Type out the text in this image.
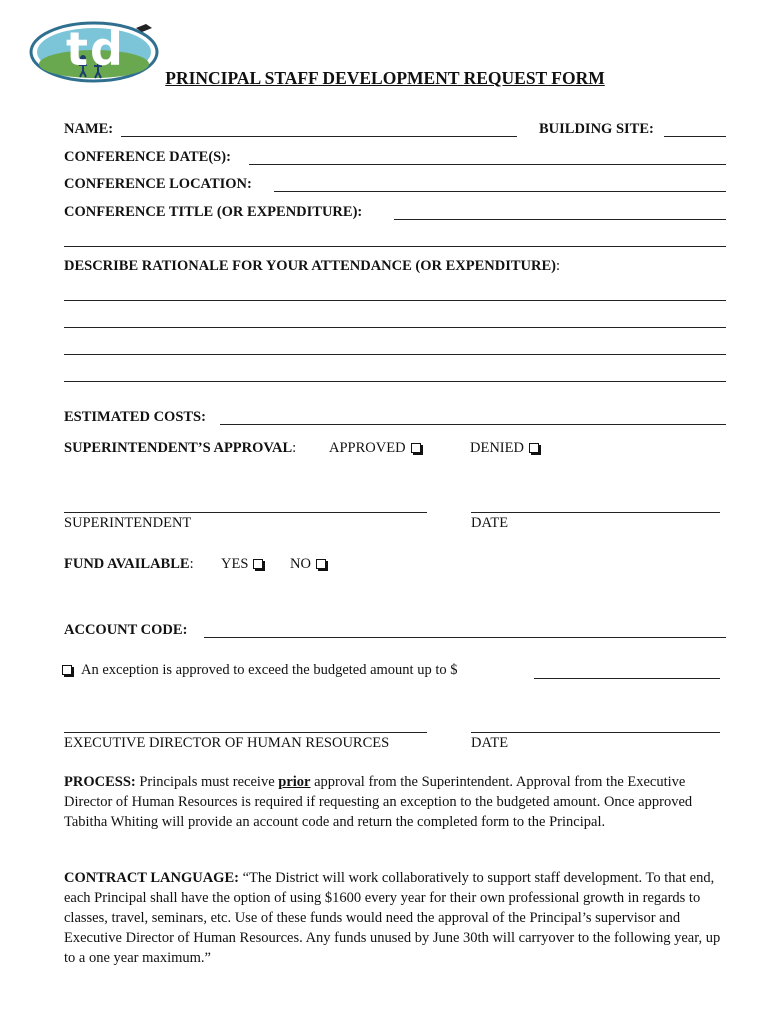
td
PRINCIPAL STAFF DEVELOPMENT REQUEST FORM
NAME:	BUILDING SITE:
CONFERENCE DATE(S):
CONFERENCE LOCATION:
CONFERENCE TITLE (OR EXPENDITURE):
DESCRIBE RATIONALE FOR YOUR ATTENDANCE (OR EXPENDITURE):
ESTIMATED COSTS:
SUPERINTENDENT’S APPROVAL: APPROVED	DENIED
SUPERINTENDENT	DATE
FUND AVAILABLE: YES	NO
ACCOUNT CODE:
An exception is approved to exceed the budgeted amount up to $
EXECUTIVE DIRECTOR OF HUMAN RESOURCES	DATE
PROCESS: Principals must receive prior approval from the Superintendent. Approval from the Executive Director of Human Resources is required if requesting an exception to the budgeted amount. Once approved Tabitha Whiting will provide an account code and return the completed form to the Principal.
CONTRACT LANGUAGE: “The District will work collaboratively to support staff development. To that end, each Principal shall have the option of using $1600 every year for their own professional growth in regards to classes, travel, seminars, etc. Use of these funds would need the approval of the Principal’s supervisor and Executive Director of Human Resources. Any funds unused by June 30th will carryover to the following year, up to a one year maximum.”
